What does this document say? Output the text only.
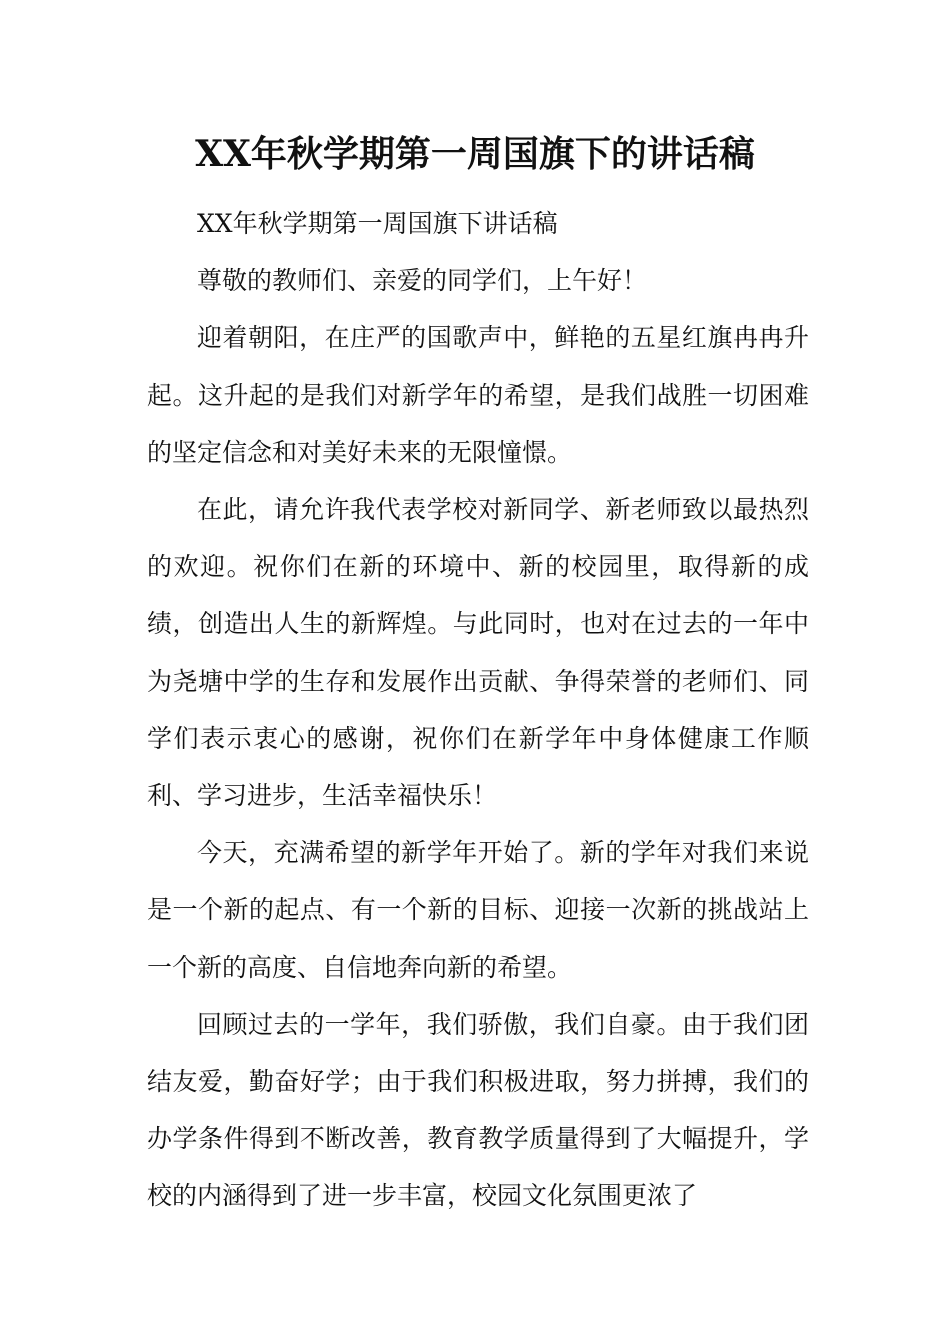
XX年秋学期第一周国旗下的讲话稿

XX年秋学期第一周国旗下讲话稿

尊敬的教师们、亲爱的同学们，上午好！

迎着朝阳，在庄严的国歌声中，鲜艳的五星红旗冉冉升起。这升起的是我们对新学年的希望，是我们战胜一切困难的坚定信念和对美好未来的无限憧憬。

在此，请允许我代表学校对新同学、新老师致以最热烈的欢迎。祝你们在新的环境中、新的校园里，取得新的成绩，创造出人生的新辉煌。与此同时，也对在过去的一年中为尧塘中学的生存和发展作出贡献、争得荣誉的老师们、同学们表示衷心的感谢，祝你们在新学年中身体健康工作顺利、学习进步，生活幸福快乐！

今天，充满希望的新学年开始了。新的学年对我们来说是一个新的起点、有一个新的目标、迎接一次新的挑战站上一个新的高度、自信地奔向新的希望。

回顾过去的一学年，我们骄傲，我们自豪。由于我们团结友爱，勤奋好学；由于我们积极进取，努力拼搏，我们的办学条件得到不断改善，教育教学质量得到了大幅提升，学校的内涵得到了进一步丰富，校园文化氛围更浓了
